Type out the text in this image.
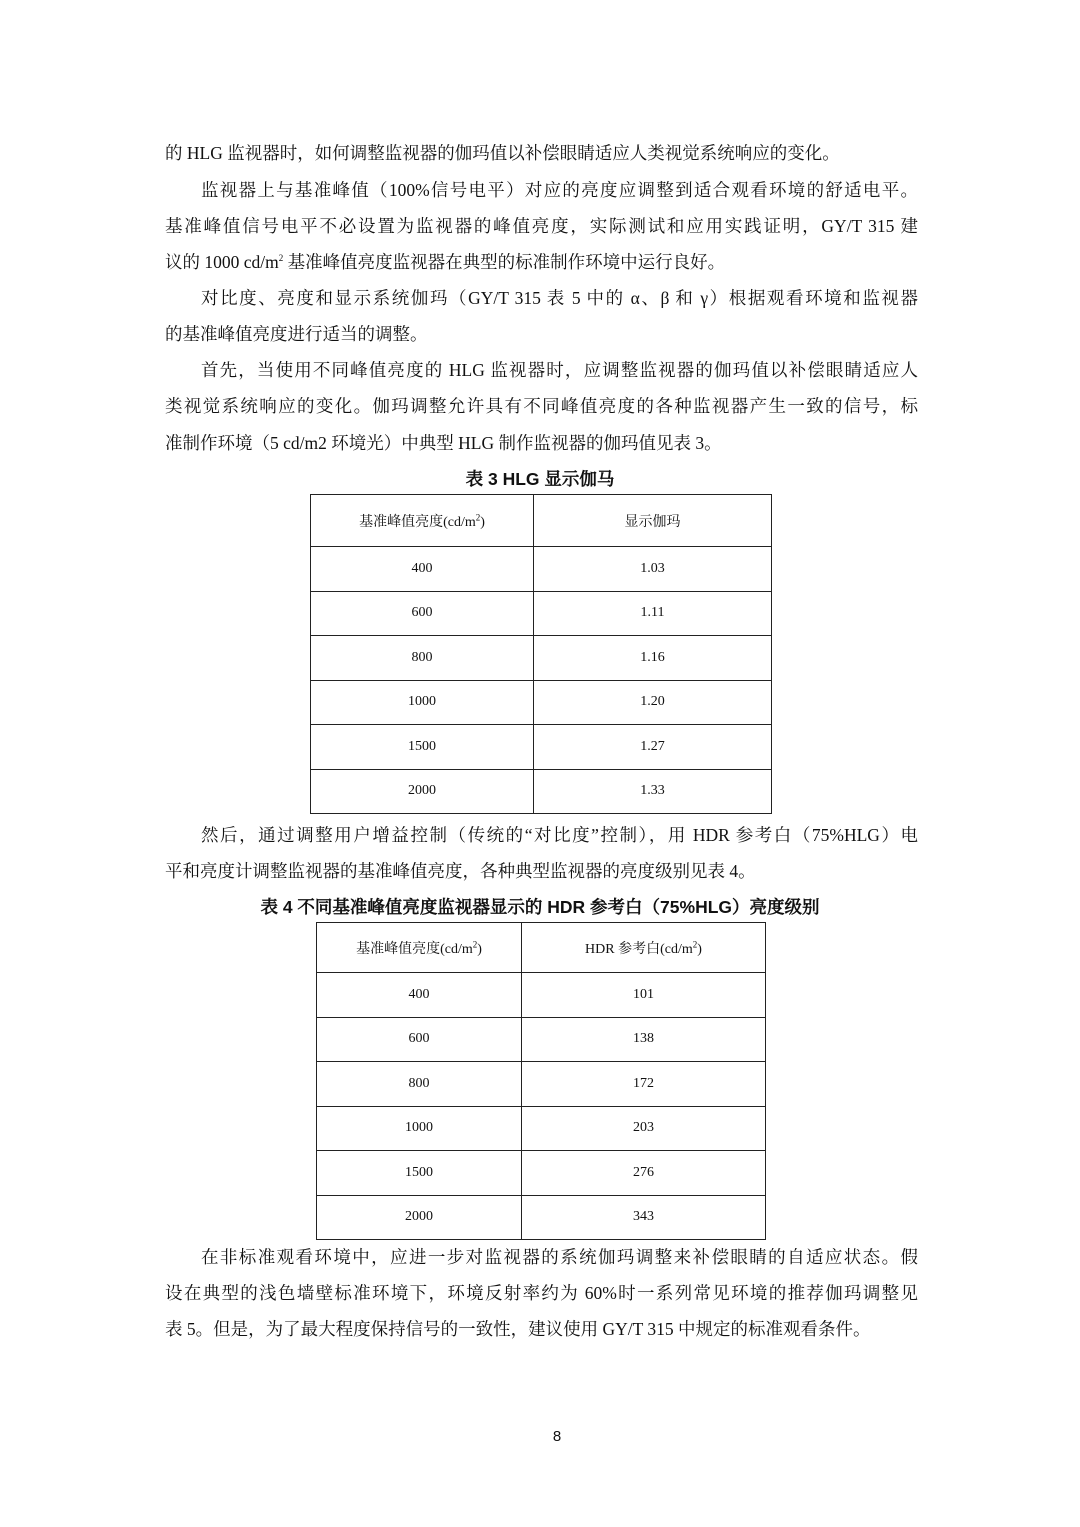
的 HLG 监视器时，如何调整监视器的伽玛值以补偿眼睛适应人类视觉系统响应的变化。
监视器上与基准峰值（100%信号电平）对应的亮度应调整到适合观看环境的舒适电平。
基准峰值信号电平不必设置为监视器的峰值亮度，实际测试和应用实践证明，GY/T 315 建
议的 1000 $cd/m^2$ 基准峰值亮度监视器在典型的标准制作环境中运行良好。
对比度、亮度和显示系统伽玛（GY/T 315 表 5 中的 α、β 和 γ）根据观看环境和监视器
的基准峰值亮度进行适当的调整。
首先，当使用不同峰值亮度的 HLG 监视器时，应调整监视器的伽玛值以补偿眼睛适应人
类视觉系统响应的变化。伽玛调整允许具有不同峰值亮度的各种监视器产生一致的信号，标
准制作环境（5 cd/m2 环境光）中典型 HLG 制作监视器的伽玛值见表 3。
表 3 HLG 显示伽马
基准峰值亮度$(cd/m^2)$	显示伽玛
400	1.03
600	1.11
800	1.16
1000	1.20
1500	1.27
2000	1.33
然后，通过调整用户增益控制（传统的“对比度”控制），用 HDR 参考白（75%HLG）电
平和亮度计调整监视器的基准峰值亮度，各种典型监视器的亮度级别见表 4。
表 4 不同基准峰值亮度监视器显示的 HDR 参考白（75%HLG）亮度级别
基准峰值亮度$(cd/m^2)$	HDR 参考白$(cd/m^2)$
400	101
600	138
800	172
1000	203
1500	276
2000	343
在非标准观看环境中，应进一步对监视器的系统伽玛调整来补偿眼睛的自适应状态。假
设在典型的浅色墙壁标准环境下，环境反射率约为 60%时一系列常见环境的推荐伽玛调整见
表 5。但是，为了最大程度保持信号的一致性，建议使用 GY/T 315 中规定的标准观看条件。
8
